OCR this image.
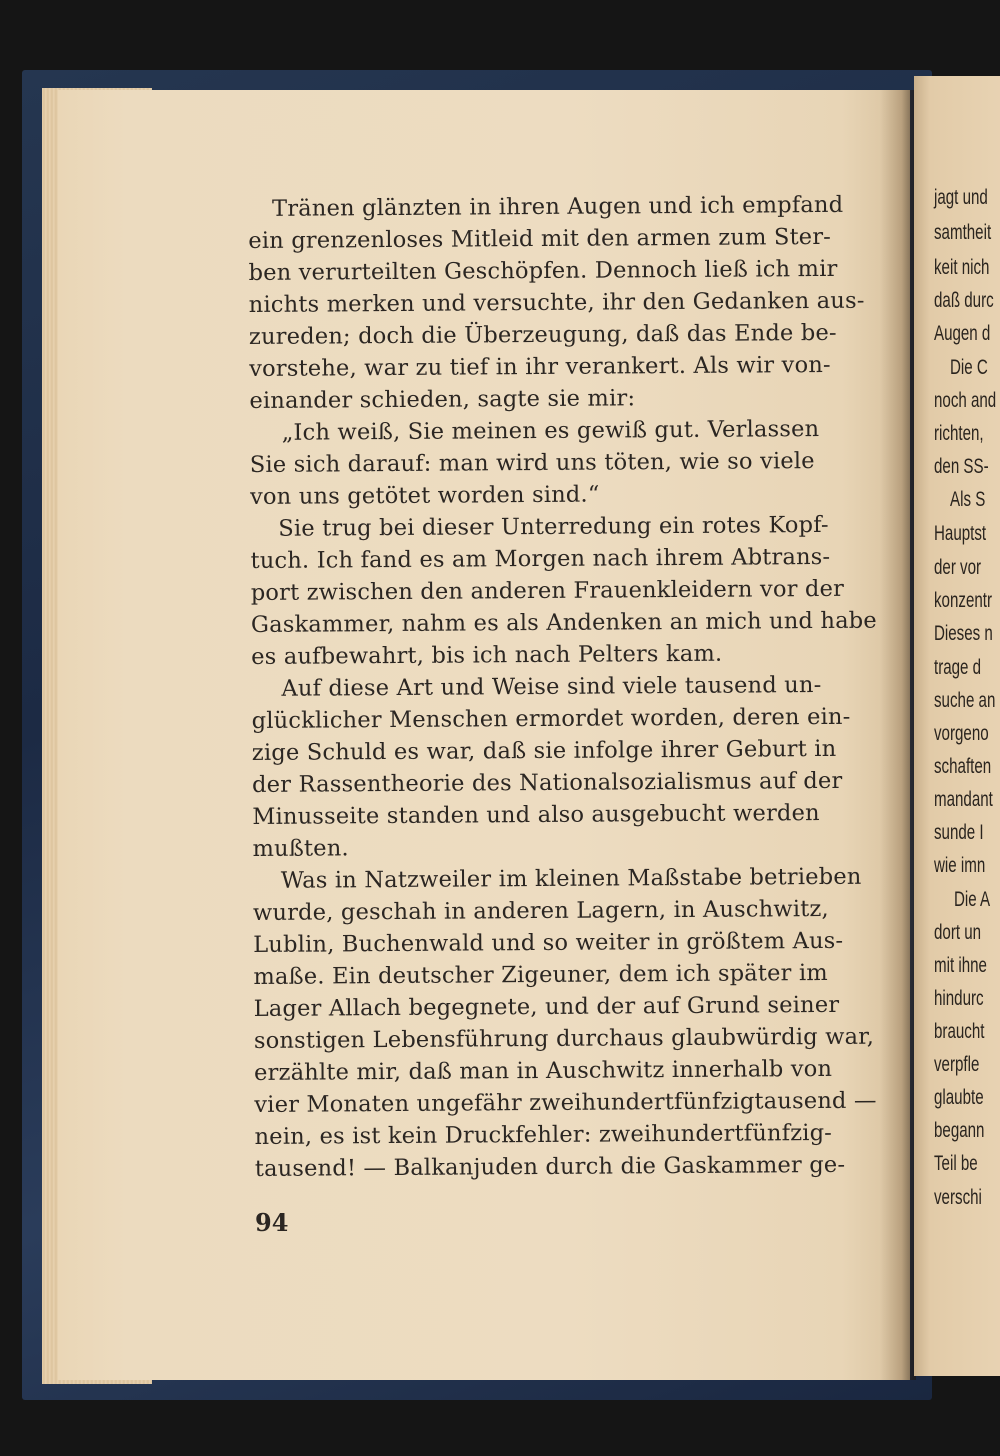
Tränen glänzten in ihren Augen und ich empfand
ein grenzenloses Mitleid mit den armen zum Ster-
ben verurteilten Geschöpfen. Dennoch ließ ich mir
nichts merken und versuchte, ihr den Gedanken aus-
zureden; doch die Überzeugung, daß das Ende be-
vorstehe, war zu tief in ihr verankert. Als wir von-
einander schieden, sagte sie mir:
„Ich weiß, Sie meinen es gewiß gut. Verlassen
Sie sich darauf: man wird uns töten, wie so viele
von uns getötet worden sind.“
Sie trug bei dieser Unterredung ein rotes Kopf-
tuch. Ich fand es am Morgen nach ihrem Abtrans-
port zwischen den anderen Frauenkleidern vor der
Gaskammer, nahm es als Andenken an mich und habe
es aufbewahrt, bis ich nach Pelters kam.
Auf diese Art und Weise sind viele tausend un-
glücklicher Menschen ermordet worden, deren ein-
zige Schuld es war, daß sie infolge ihrer Geburt in
der Rassentheorie des Nationalsozialismus auf der
Minusseite standen und also ausgebucht werden
mußten.
Was in Natzweiler im kleinen Maßstabe betrieben
wurde, geschah in anderen Lagern, in Auschwitz,
Lublin, Buchenwald und so weiter in größtem Aus-
maße. Ein deutscher Zigeuner, dem ich später im
Lager Allach begegnete, und der auf Grund seiner
sonstigen Lebensführung durchaus glaubwürdig war,
erzählte mir, daß man in Auschwitz innerhalb von
vier Monaten ungefähr zweihundertfünfzigtausend —
nein, es ist kein Druckfehler: zweihundertfünfzig-
tausend! — Balkanjuden durch die Gaskammer ge-
94
jagt und
samtheit
keit nich
daß durc
Augen d
Die C
noch and
richten,
den SS-
Als S
Hauptst
der vor
konzentr
Dieses n
trage d
suche an
vorgeno
schaften
mandant
sunde I
wie imn
Die A
dort un
mit ihne
hindurc
braucht
verpfle
glaubte
begann
Teil be
verschi
